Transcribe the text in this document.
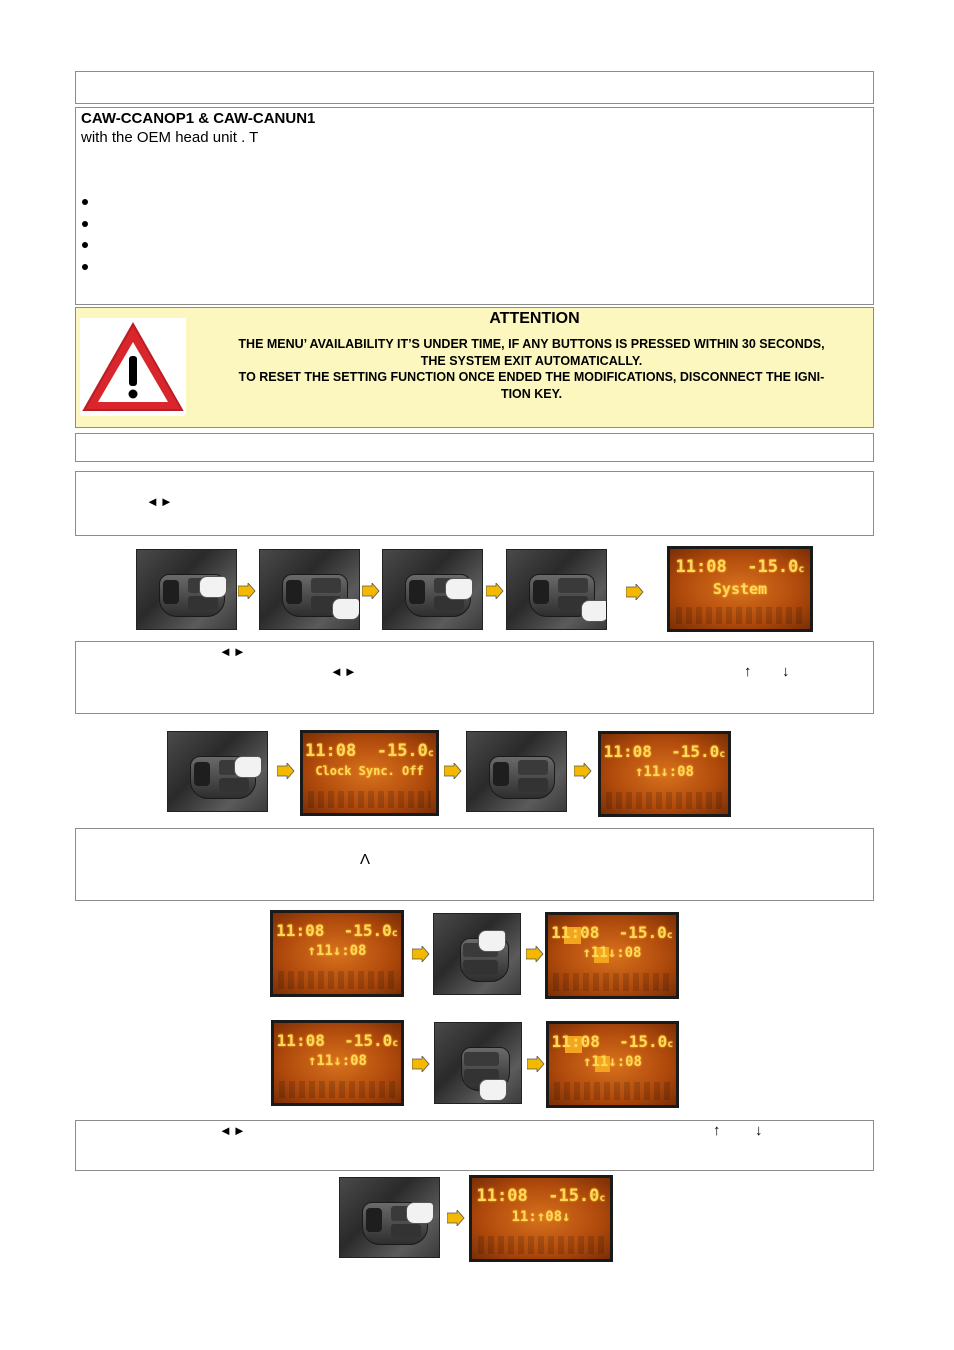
CAW-CCANOP1 & CAW-CANUN1
with the OEM head unit . T
ATTENTION
THE MENU’ AVAILABILITY IT’S UNDER TIME, IF ANY BUTTONS IS PRESSED WITHIN 30 SECONDS,
THE SYSTEM EXIT AUTOMATICALLY.
TO RESET THE SETTING FUNCTION ONCE ENDED THE MODIFICATIONS, DISCONNECT THE IGNI-
TION KEY.
◄►
11:08  -15.0c
System
◄►
◄►	↑ ↓
11:08  -15.0c
Clock Sync. Off
11:08  -15.0c
↑11↓:08
Λ
11:08  -15.0c
↑11↓:08
11:08  -15.0c
↑11↓:08
11:08  -15.0c
↑11↓:08
11:08  -15.0c
↑11↓:08
◄►	↑ ↓
11:08  -15.0c
11:↑08↓
